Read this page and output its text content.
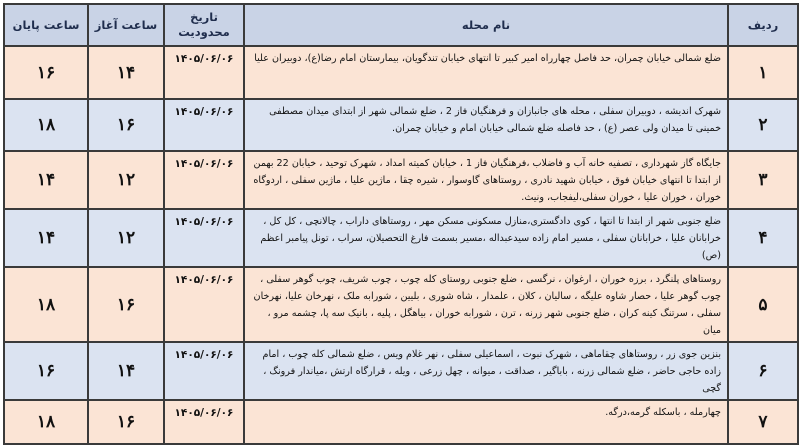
ردیف	نام محله	تاریخ محدودیت	ساعت آغاز	ساعت پایان
۱	ضلع شمالی خیابان چمران، حد فاصل چهارراه امیر کبیر تا انتهای خیابان تندگویان، بیمارستان امام رضا(ع)، دوبیران علیا	۱۴۰۵/۰۶/۰۶	۱۴	۱۶
۲	شهرک اندیشه ، دوبیران سفلی ، محله های جانبازان و فرهنگیان فاز 2 ، ضلع شمالی شهر از ابتدای میدان مصطفی خمینی تا میدان ولی عصر (ع) ، حد فاصله ضلع شمالی خیابان امام و خیابان چمران.	۱۴۰۵/۰۶/۰۶	۱۶	۱۸
۳	جایگاه گاز شهرداری ، تصفیه خانه آب و فاضلاب ،فرهنگیان فاز 1 ، خیابان کمیته امداد ، شهرک توحید ، خیابان 22 بهمن از ابتدا تا انتهای خیابان فوق ، خیابان شهید نادری ، روستاهای گاوسوار ، شیره چقا ، ماژین علیا ، ماژین سفلی ، اردوگاه خوران ، خوران علیا ، خوران سفلی،لیفجاب، ونیث.	۱۴۰۵/۰۶/۰۶	۱۲	۱۴
۴	ضلع جنوبی شهر از ابتدا تا انتها ، کوی دادگستری،منازل مسکونی مسکن مهر ، روستاهای داراب ، چالانچی ، کل کل ، خرابانان علیا ، خرابانان سفلی ، مسیر امام زاده سیدعبداله ،مسیر بسمت فارغ التحصیلان، سراب ، تونل پیامبر اعظم (ص)	۱۴۰۵/۰۶/۰۶	۱۲	۱۴
۵	روستاهای پلنگرد ، برزه خوران ، ارغوان ، نرگسی ، ضلع جنوبی روستای کله چوب ، چوب شریف، چوب گوهر سفلی ، چوب گوهر علیا ، حصار شاوه علیگه ، سالیان ، کلان ، علمدار ، شاه شوری ، بلیین ، شورابه ملک ، نهرخان علیا، نهرخان سفلی ، سرتنگ کینه کران ، ضلع جنوبی شهر زرنه ، ترن ، شورابه خوران ، بیاهگل ، پلیه ، بانیک سه پا، چشمه مرو ، میان	۱۴۰۵/۰۶/۰۶	۱۶	۱۸
۶	بنزین جوی زر ، روستاهای چقاماهی ، شهرک نبوت ، اسماعیلی سفلی ، نهر غلام ویس ، ضلع شمالی کله چوب ، امام زاده حاجی حاضر ، ضلع شمالی زرنه ، باباگیر ، صداقت ، میوانه ، چهل زرعی ، ویله ، قرارگاه ارتش ،میاندار فرونگ ، گچی	۱۴۰۵/۰۶/۰۶	۱۴	۱۶
۷	چهارمله ، باسکله گرمه،درگه.	۱۴۰۵/۰۶/۰۶	۱۶	۱۸
